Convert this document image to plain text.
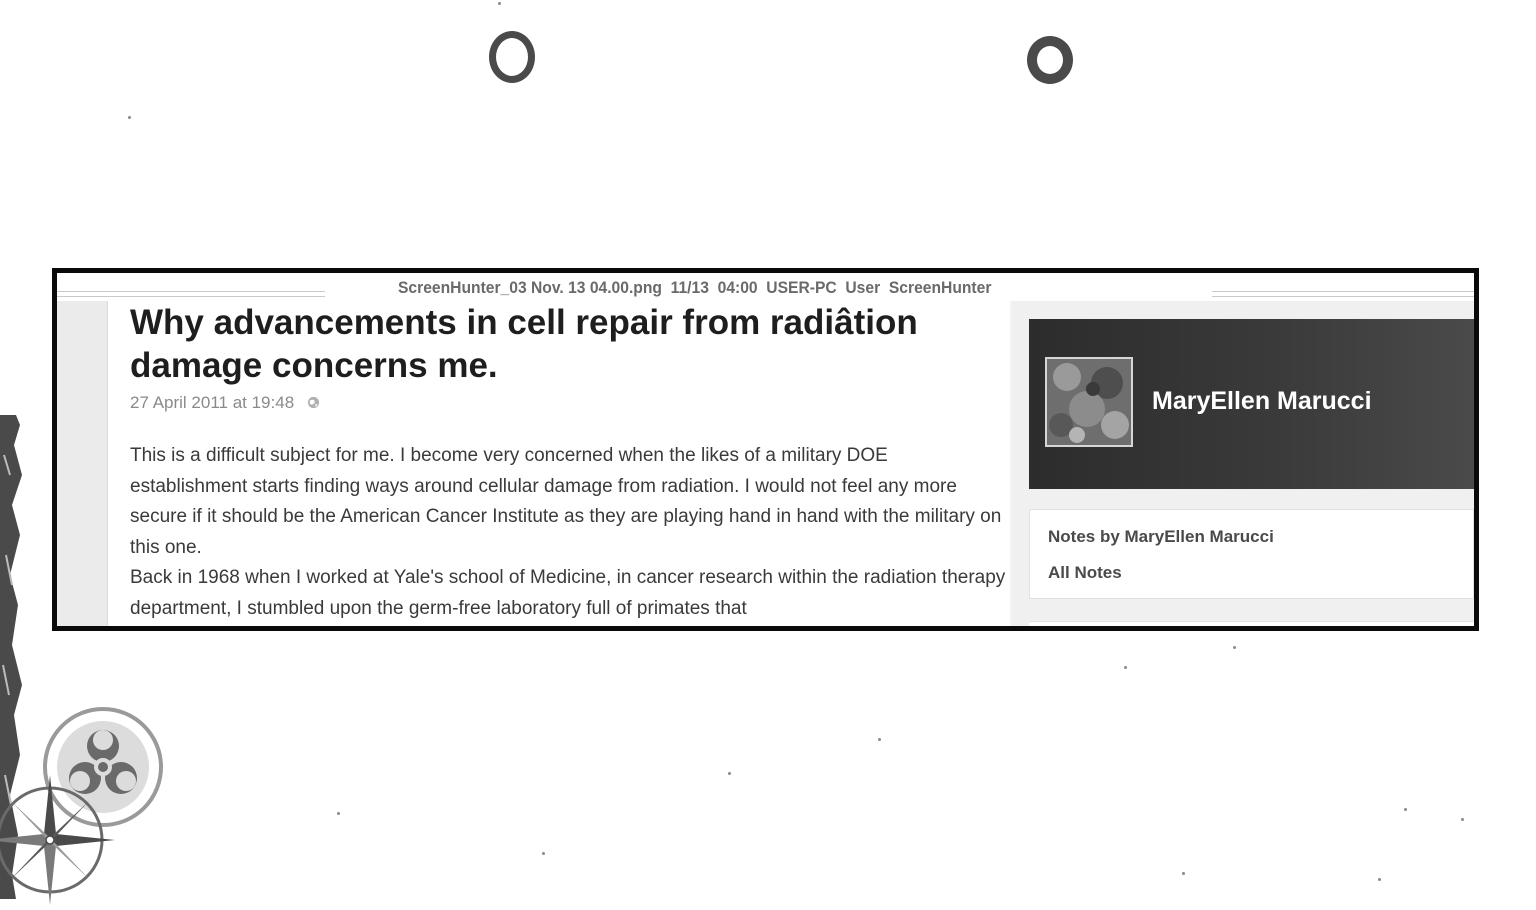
ScreenHunter_03 Nov. 13 04.00.png  11/13  04:00  USER-PC  User  ScreenHunter
Why advancements in cell repair from radiâtion damage concerns me.
27 April 2011 at 19:48

This is a difficult subject for me. I become very concerned when the likes of a military DOE establishment starts finding ways around cellular damage from radiation. I would not feel any more secure if it should be the American Cancer Institute as they are playing hand in hand with the military on this one.

Back in 1968 when I worked at Yale's school of Medicine, in cancer research within the radiation therapy department, I stumbled upon the germ-free laboratory full of primates that

MaryEllen Marucci
Notes by MaryEllen Marucci
All Notes
